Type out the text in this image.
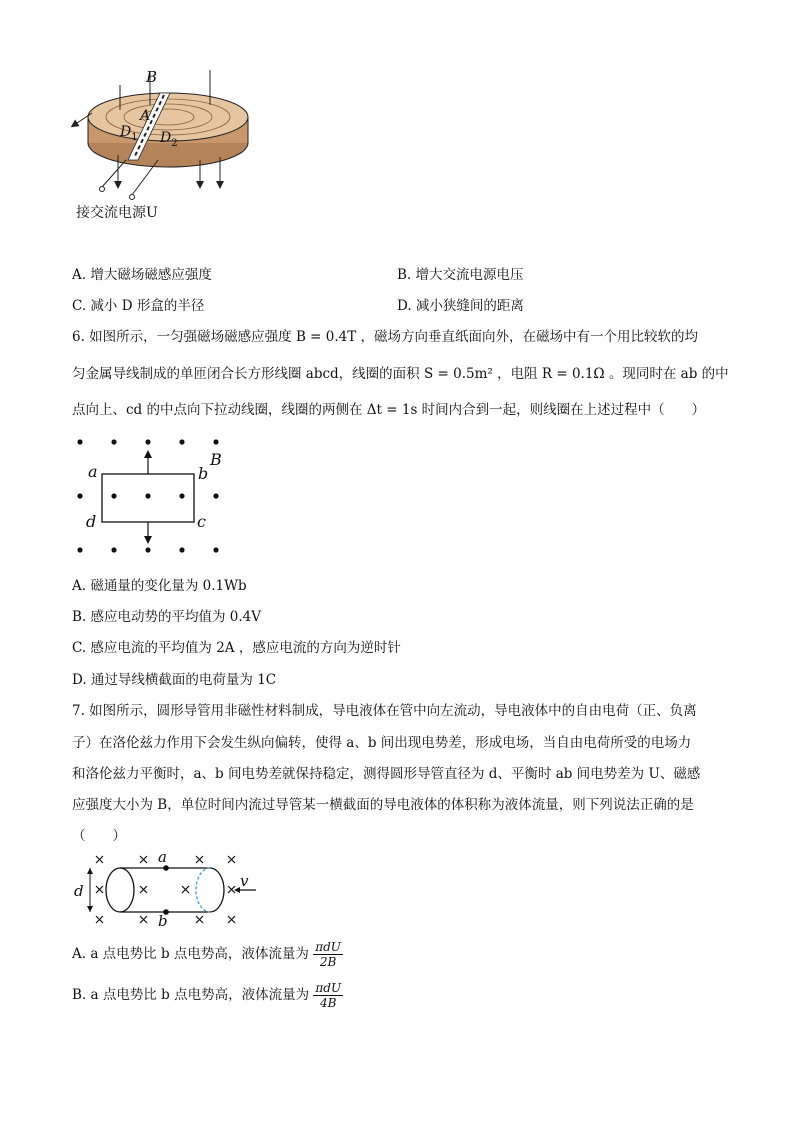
B
A
$D_1$ $D_2$
接交流电源U
A. 增大磁场磁感应强度	B. 增大交流电源电压
C. 减小 D 形盒的半径	D. 减小狭缝间的距离
6. 如图所示，一匀强磁场磁感应强度 B = 0.4T ，磁场方向垂直纸面向外，在磁场中有一个用比较软的均
匀金属导线制成的单匝闭合长方形线圈 abcd，线圈的面积 S = 0.5m² ，电阻 R = 0.1Ω 。现同时在 ab 的中
点向上、cd 的中点向下拉动线圈，线圈的两侧在 Δt = 1s 时间内合到一起，则线圈在上述过程中（　　）
a	b
B
d	c
A. 磁通量的变化量为 0.1Wb
B. 感应电动势的平均值为 0.4V
C. 感应电流的平均值为 2A ，感应电流的方向为逆时针
D. 通过导线横截面的电荷量为 1C
7. 如图所示，圆形导管用非磁性材料制成，导电液体在管中向左流动，导电液体中的自由电荷（正、负离
子）在洛伦兹力作用下会发生纵向偏转，使得 a、b 间出现电势差，形成电场，当自由电荷所受的电场力
和洛伦兹力平衡时，a、b 间电势差就保持稳定，测得圆形导管直径为 d、平衡时 ab 间电势差为 U、磁感
应强度大小为 B，单位时间内流过导管某一横截面的导电液体的体积称为液体流量，则下列说法正确的是
（　　）
a
b
d
v
A. a 点电势比 b 点电势高，液体流量为 $\frac{\text{πdU}}{2B}$
B. a 点电势比 b 点电势高，液体流量为 $\frac{\text{πdU}}{4B}$
